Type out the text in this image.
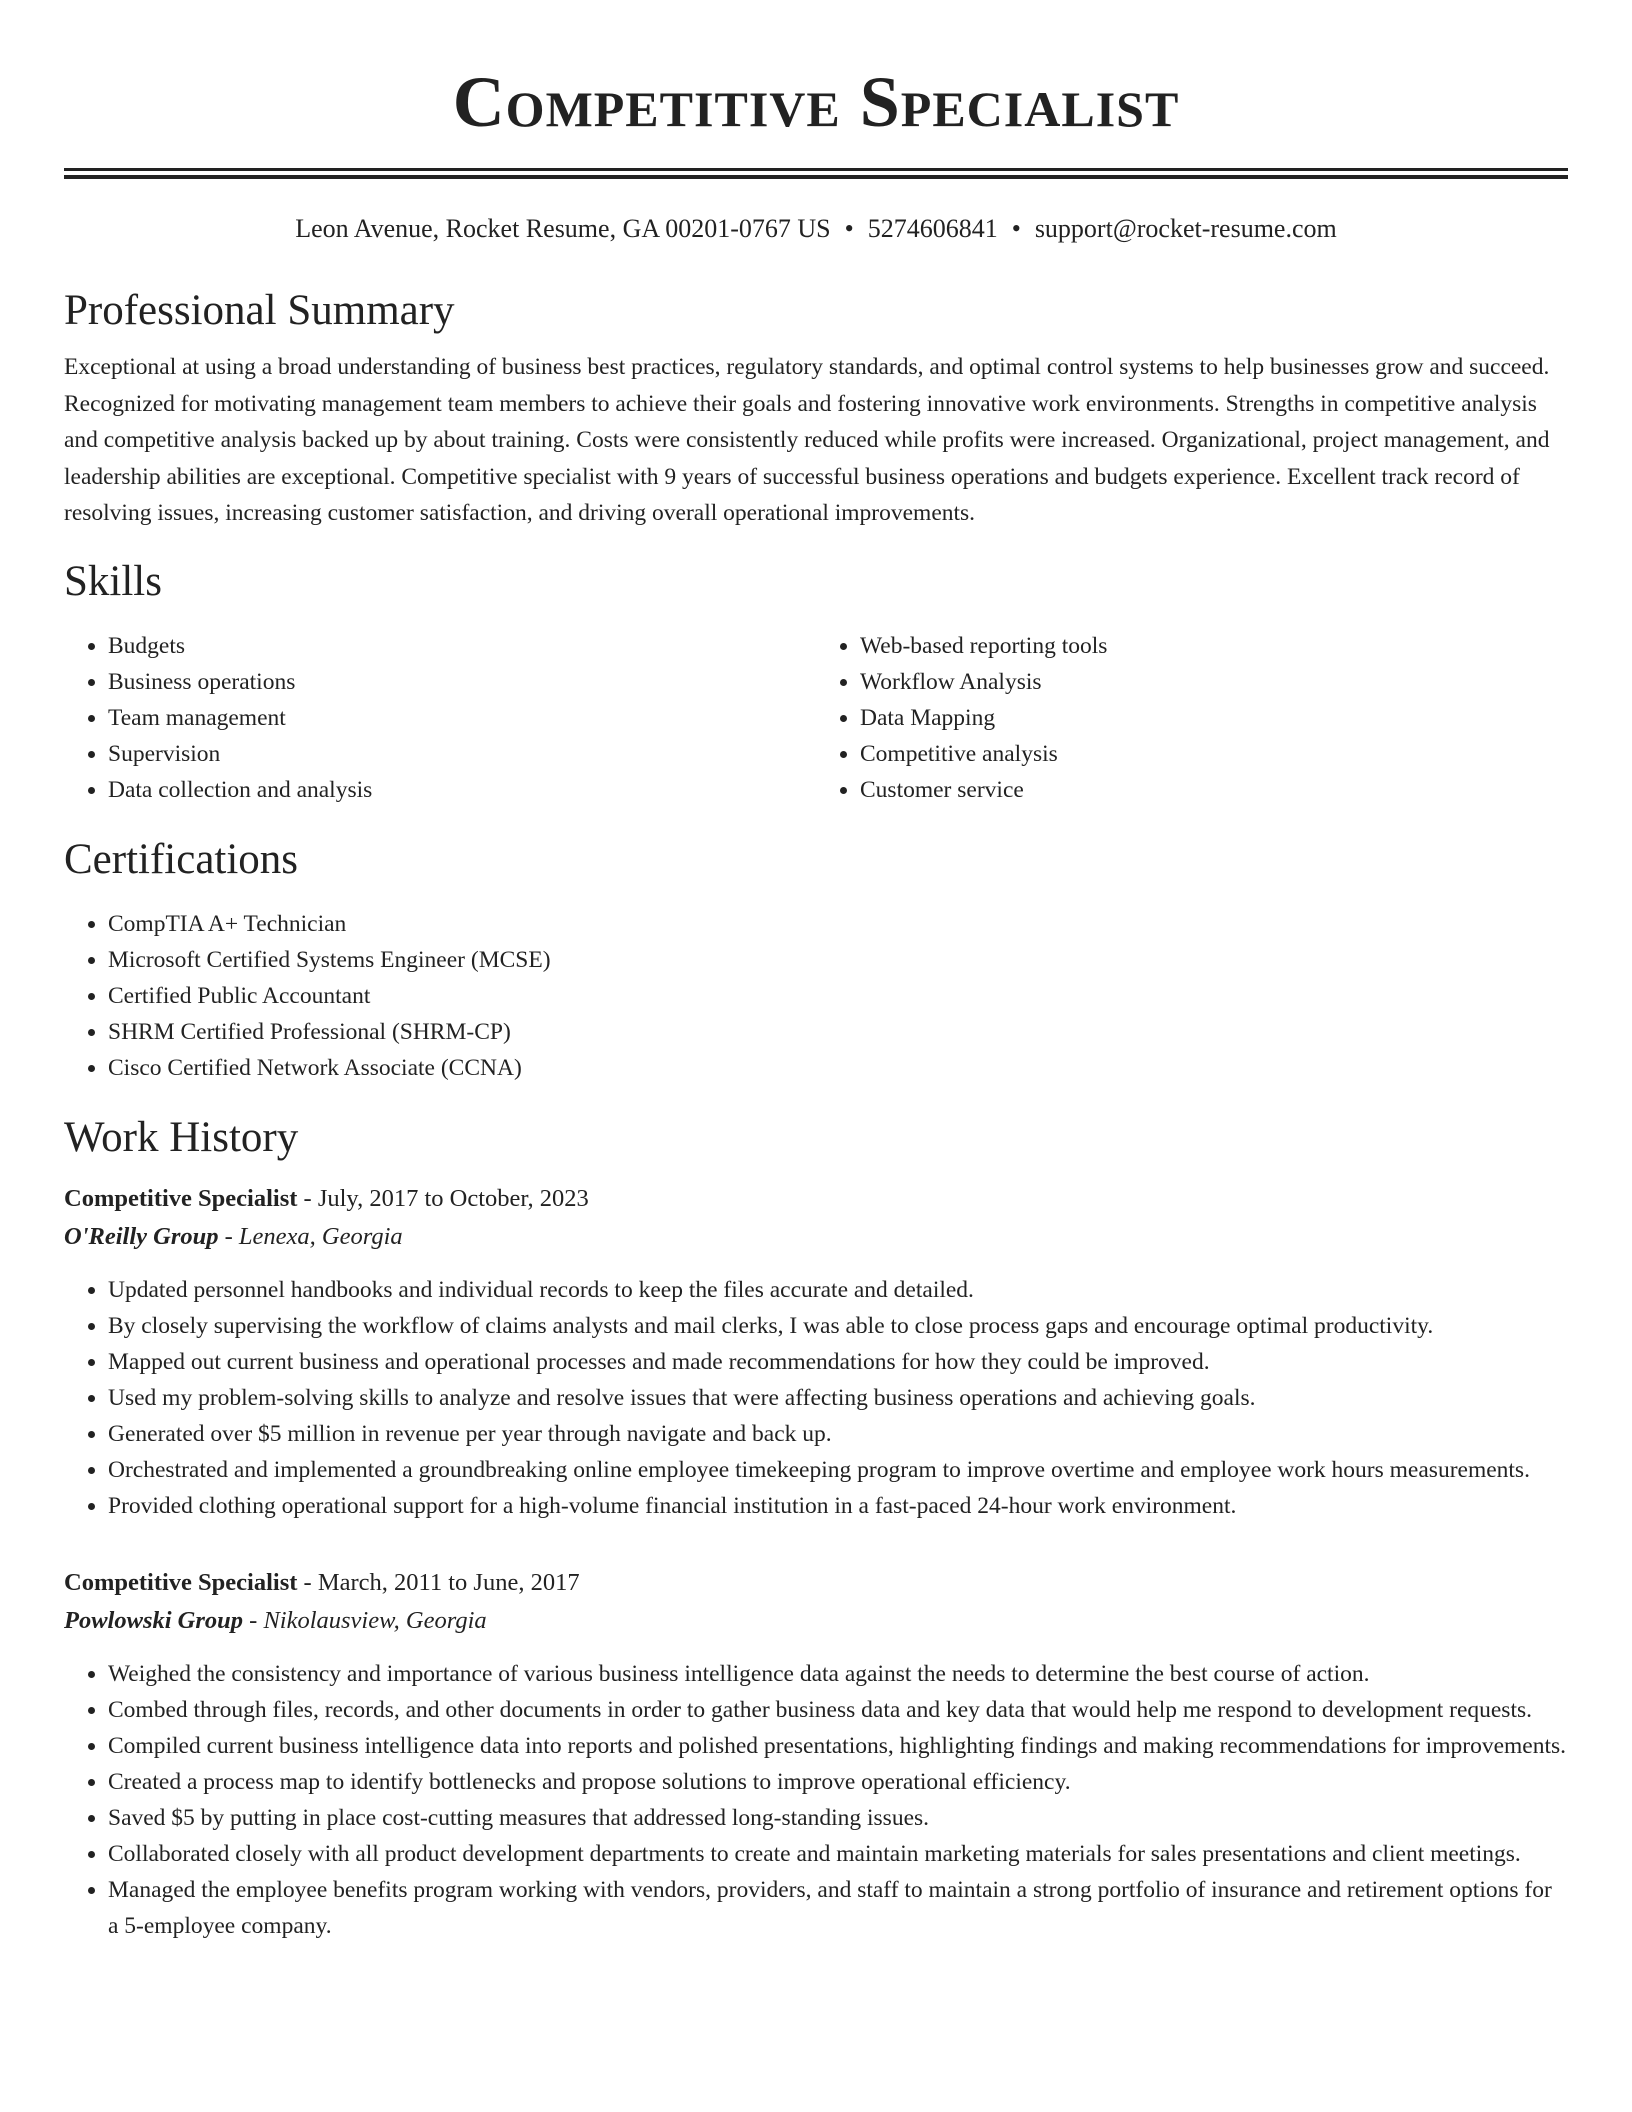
Competitive Specialist
Leon Avenue, Rocket Resume, GA 00201-0767 US • 5274606841 • support@rocket-resume.com
Professional Summary

Exceptional at using a broad understanding of business best practices, regulatory standards, and optimal control systems to help businesses grow and succeed. Recognized for motivating management team members to achieve their goals and fostering innovative work environments. Strengths in competitive analysis and competitive analysis backed up by about training. Costs were consistently reduced while profits were increased. Organizational, project management, and leadership abilities are exceptional. Competitive specialist with 9 years of successful business operations and budgets experience. Excellent track record of resolving issues, increasing customer satisfaction, and driving overall operational improvements.

Skills
• Budgets
• Business operations
• Team management
• Supervision
• Data collection and analysis
• Web-based reporting tools
• Workflow Analysis
• Data Mapping
• Competitive analysis
• Customer service
Certifications
• CompTIA A+ Technician
• Microsoft Certified Systems Engineer (MCSE)
• Certified Public Accountant
• SHRM Certified Professional (SHRM-CP)
• Cisco Certified Network Associate (CCNA)
Work History
Competitive Specialist - July, 2017 to October, 2023
O'Reilly Group - Lenexa, Georgia
• Updated personnel handbooks and individual records to keep the files accurate and detailed.
• By closely supervising the workflow of claims analysts and mail clerks, I was able to close process gaps and encourage optimal productivity.
• Mapped out current business and operational processes and made recommendations for how they could be improved.
• Used my problem-solving skills to analyze and resolve issues that were affecting business operations and achieving goals.
• Generated over $5 million in revenue per year through navigate and back up.
• Orchestrated and implemented a groundbreaking online employee timekeeping program to improve overtime and employee work hours measurements.
• Provided clothing operational support for a high-volume financial institution in a fast-paced 24-hour work environment.
Competitive Specialist - March, 2011 to June, 2017
Powlowski Group - Nikolausview, Georgia
• Weighed the consistency and importance of various business intelligence data against the needs to determine the best course of action.
• Combed through files, records, and other documents in order to gather business data and key data that would help me respond to development requests.
• Compiled current business intelligence data into reports and polished presentations, highlighting findings and making recommendations for improvements.
• Created a process map to identify bottlenecks and propose solutions to improve operational efficiency.
• Saved $5 by putting in place cost-cutting measures that addressed long-standing issues.
• Collaborated closely with all product development departments to create and maintain marketing materials for sales presentations and client meetings.
• Managed the employee benefits program working with vendors, providers, and staff to maintain a strong portfolio of insurance and retirement options for a 5-employee company.
